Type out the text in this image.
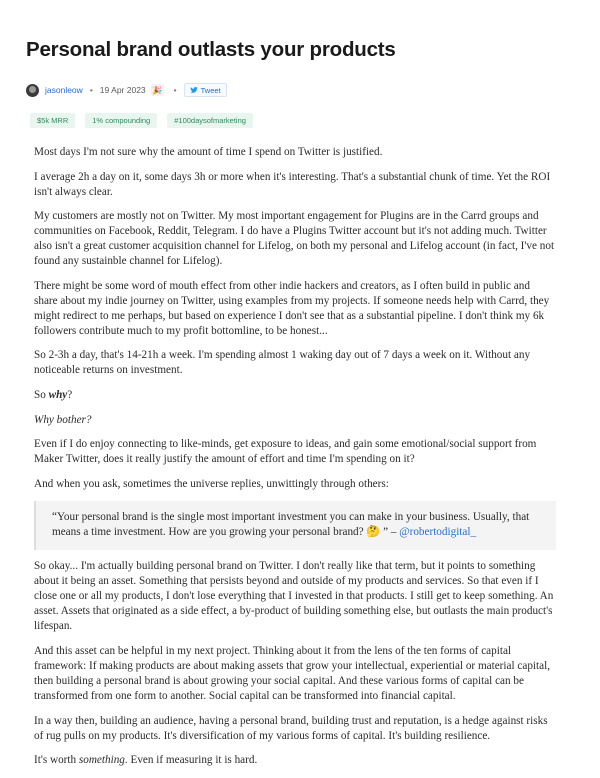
Personal brand outlasts your products
jasonleow • 19 Apr 2023 🎉 •	Tweet
$5k MRR	1% compounding	#100daysofmarketing

Most days I'm not sure why the amount of time I spend on Twitter is justified.

I average 2h a day on it, some days 3h or more when it's interesting. That's a substantial chunk of time. Yet the ROI isn't always clear.

My customers are mostly not on Twitter. My most important engagement for Plugins are in the Carrd groups and communities on Facebook, Reddit, Telegram. I do have a Plugins Twitter account but it's not adding much. Twitter also isn't a great customer acquisition channel for Lifelog, on both my personal and Lifelog account (in fact, I've not found any sustainble channel for Lifelog).

There might be some word of mouth effect from other indie hackers and creators, as I often build in public and share about my indie journey on Twitter, using examples from my projects. If someone needs help with Carrd, they might redirect to me perhaps, but based on experience I don't see that as a substantial pipeline. I don't think my 6k followers contribute much to my profit bottomline, to be honest...

So 2-3h a day, that's 14-21h a week. I'm spending almost 1 waking day out of 7 days a week on it. Without any noticeable returns on investment.

So why?

Why bother?

Even if I do enjoy connecting to like-minds, get exposure to ideas, and gain some emotional/social support from Maker Twitter, does it really justify the amount of effort and time I'm spending on it?

And when you ask, sometimes the universe replies, unwittingly through others:

“Your personal brand is the single most important investment you can make in your business. Usually, that means a time investment. How are you growing your personal brand? 🤔 ” – @robertodigital_

So okay... I'm actually building personal brand on Twitter. I don't really like that term, but it points to something about it being an asset. Something that persists beyond and outside of my products and services. So that even if I close one or all my products, I don't lose everything that I invested in that products. I still get to keep something. An asset. Assets that originated as a side effect, a by-product of building something else, but outlasts the main product's lifespan.

And this asset can be helpful in my next project. Thinking about it from the lens of the ten forms of capital framework: If making products are about making assets that grow your intellectual, experiential or material capital, then building a personal brand is about growing your social capital. And these various forms of capital can be transformed from one form to another. Social capital can be transformed into financial capital.

In a way then, building an audience, having a personal brand, building trust and reputation, is a hedge against risks of rug pulls on my products. It's diversification of my various forms of capital. It's building resilience.

It's worth something. Even if measuring it is hard.
